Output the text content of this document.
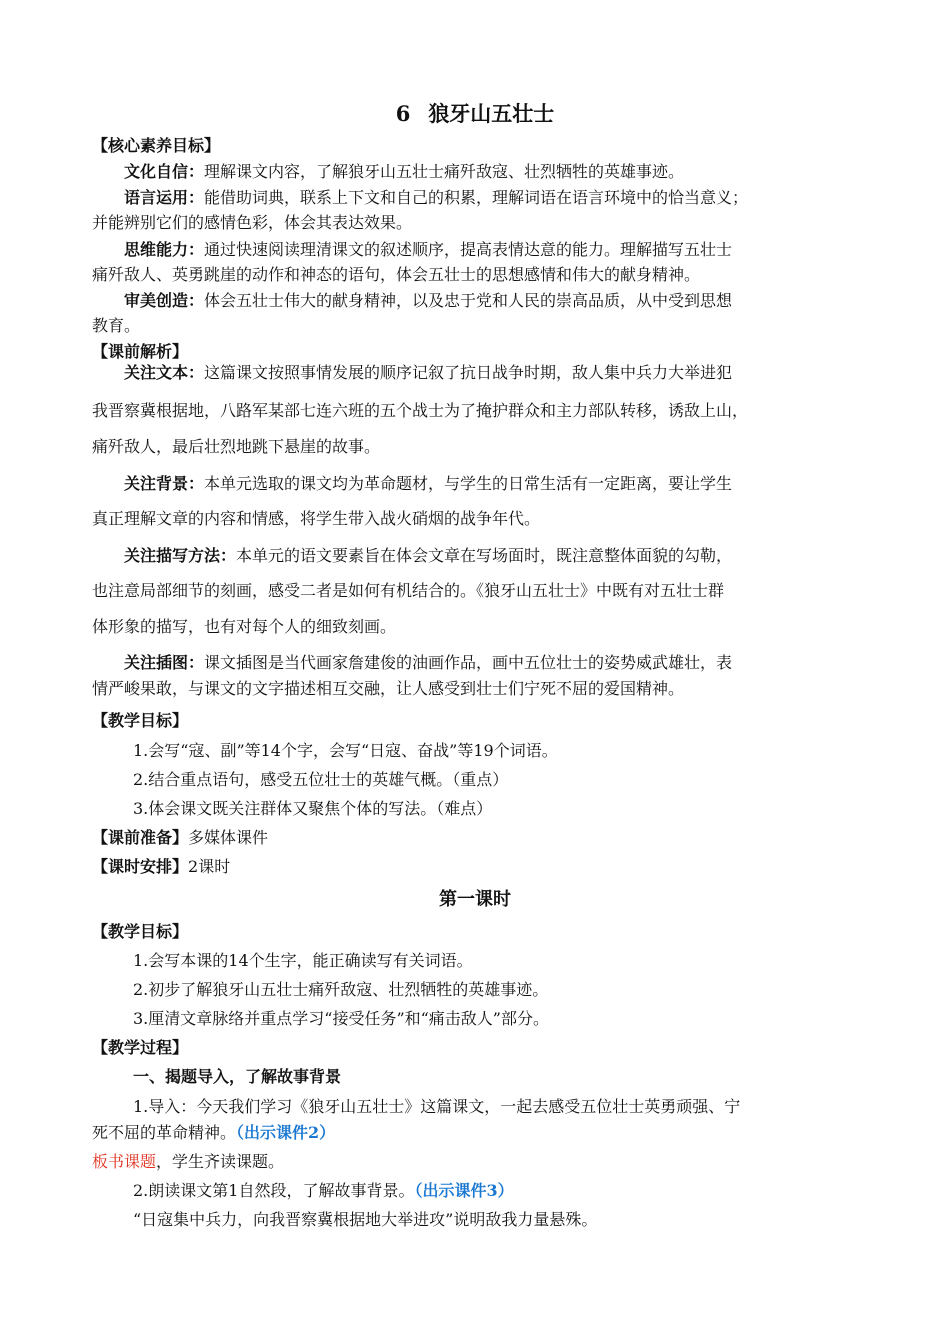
6 狼牙山五壮士
【核心素养目标】
文化自信：理解课文内容，了解狼牙山五壮士痛歼敌寇、壮烈牺牲的英雄事迹。
语言运用：能借助词典，联系上下文和自己的积累，理解词语在语言环境中的恰当意义；
并能辨别它们的感情色彩，体会其表达效果。
思维能力：通过快速阅读理清课文的叙述顺序，提高表情达意的能力。理解描写五壮士
痛歼敌人、英勇跳崖的动作和神态的语句，体会五壮士的思想感情和伟大的献身精神。
审美创造：体会五壮士伟大的献身精神，以及忠于党和人民的崇高品质，从中受到思想
教育。
【课前解析】
关注文本：这篇课文按照事情发展的顺序记叙了抗日战争时期，敌人集中兵力大举进犯
我晋察冀根据地，八路军某部七连六班的五个战士为了掩护群众和主力部队转移，诱敌上山，
痛歼敌人，最后壮烈地跳下悬崖的故事。
关注背景：本单元选取的课文均为革命题材，与学生的日常生活有一定距离，要让学生
真正理解文章的内容和情感，将学生带入战火硝烟的战争年代。
关注描写方法：本单元的语文要素旨在体会文章在写场面时，既注意整体面貌的勾勒，
也注意局部细节的刻画，感受二者是如何有机结合的。《狼牙山五壮士》中既有对五壮士群
体形象的描写，也有对每个人的细致刻画。
关注插图：课文插图是当代画家詹建俊的油画作品，画中五位壮士的姿势威武雄壮，表
情严峻果敢，与课文的文字描述相互交融，让人感受到壮士们宁死不屈的爱国精神。
【教学目标】
1.会写“寇、副”等14个字，会写“日寇、奋战”等19个词语。
2.结合重点语句，感受五位壮士的英雄气概。（重点）
3.体会课文既关注群体又聚焦个体的写法。（难点）
【课前准备】多媒体课件
【课时安排】2课时
第一课时
【教学目标】
1.会写本课的14个生字，能正确读写有关词语。
2.初步了解狼牙山五壮士痛歼敌寇、壮烈牺牲的英雄事迹。
3.厘清文章脉络并重点学习“接受任务”和“痛击敌人”部分。
【教学过程】
一、揭题导入，了解故事背景
1.导入：今天我们学习《狼牙山五壮士》这篇课文，一起去感受五位壮士英勇顽强、宁
死不屈的革命精神。（出示课件2）
板书课题，学生齐读课题。
2.朗读课文第1自然段，了解故事背景。（出示课件3）
“日寇集中兵力，向我晋察冀根据地大举进攻”说明敌我力量悬殊。
